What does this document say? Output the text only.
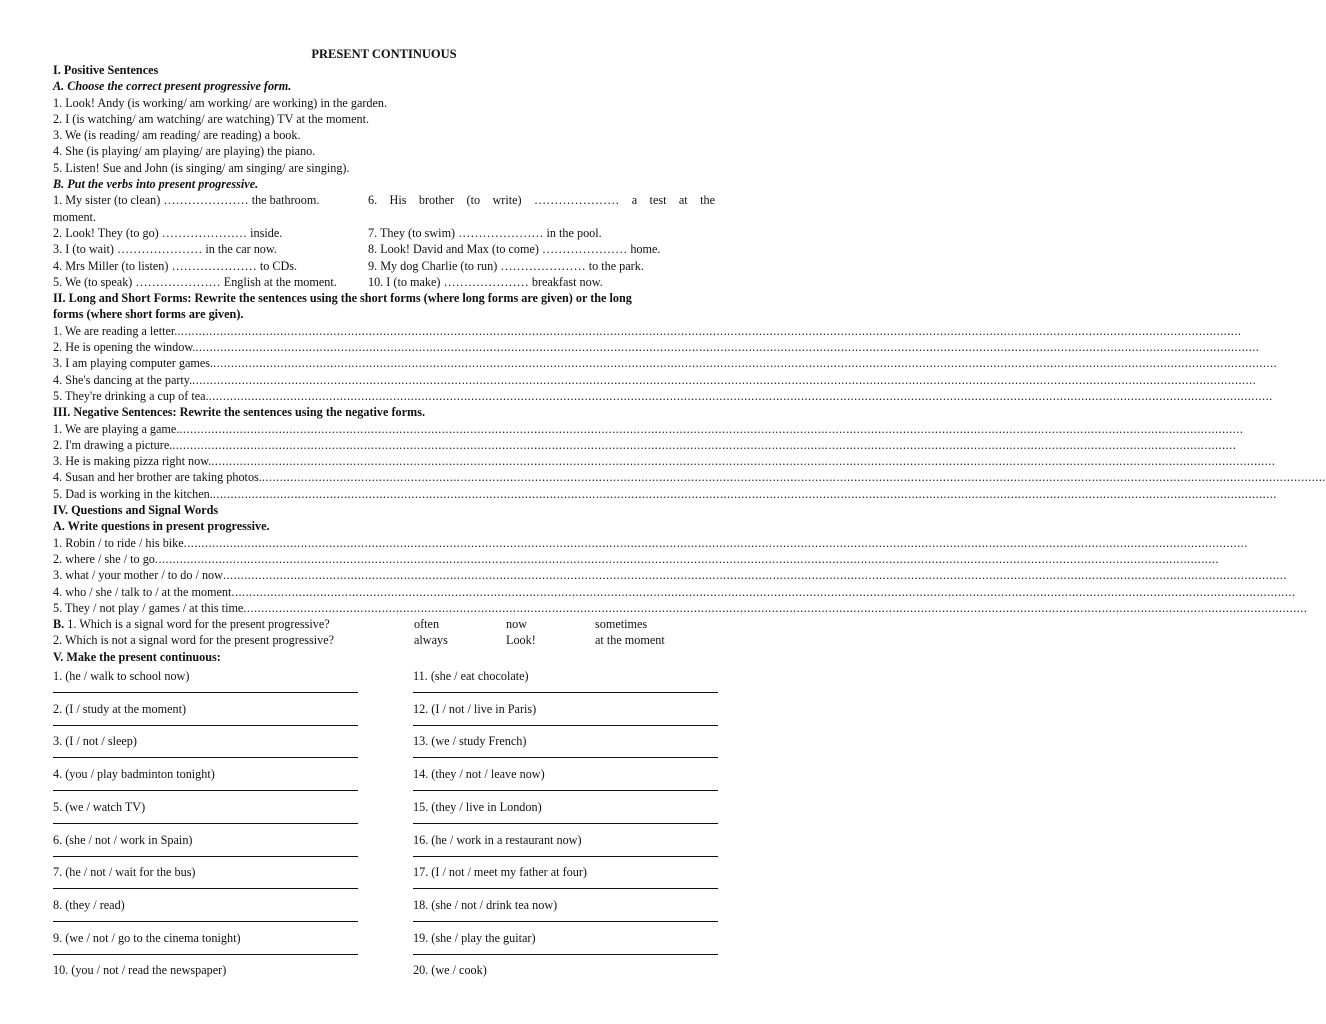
PRESENT CONTINUOUS
I. Positive Sentences
A. Choose the correct present progressive form.
1. Look! Andy (is working/ am working/ are working) in the garden.
2. I (is watching/ am watching/ are watching) TV at the moment.
3. We (is reading/ am reading/ are reading) a book.
4. She (is playing/ am playing/ are playing) the piano.
5. Listen! Sue and John (is singing/ am singing/ are singing).
B. Put the verbs into present progressive.
1. My sister (to clean) ………………… the bathroom.	6. His brother (to write) ………………… a test at the
moment.
2. Look! They (to go) ………………… inside.	7. They (to swim) ………………… in the pool.
3. I (to wait) ………………… in the car now.	8. Look! David and Max (to come) ………………… home.
4. Mrs Miller (to listen) ………………… to CDs.	9. My dog Charlie (to run) ………………… to the park.
5. We (to speak) ………………… English at the moment.	10. I (to make) ………………… breakfast now.
II. Long and Short Forms: Rewrite the sentences using the short forms (where long forms are given) or the long
forms (where short forms are given).
1. We are reading a letter. ............................................................................................................................................................................................................................................................................................................
2. He is opening the window. ............................................................................................................................................................................................................................................................................................................
3. I am playing computer games. ............................................................................................................................................................................................................................................................................................................
4. She's dancing at the party. ............................................................................................................................................................................................................................................................................................................
5. They're drinking a cup of tea. ............................................................................................................................................................................................................................................................................................................
III. Negative Sentences: Rewrite the sentences using the negative forms.
1. We are playing a game. ............................................................................................................................................................................................................................................................................................................
2. I'm drawing a picture. ............................................................................................................................................................................................................................................................................................................
3. He is making pizza right now. ............................................................................................................................................................................................................................................................................................................
4. Susan and her brother are taking photos. ............................................................................................................................................................................................................................................................................................................
5. Dad is working in the kitchen. ............................................................................................................................................................................................................................................................................................................
IV. Questions and Signal Words
A. Write questions in present progressive.
1. Robin / to ride / his bike ............................................................................................................................................................................................................................................................................................................
2. where / she / to go ............................................................................................................................................................................................................................................................................................................
3. what / your mother / to do / now ............................................................................................................................................................................................................................................................................................................
4. who / she / talk to / at the moment ............................................................................................................................................................................................................................................................................................................
5. They / not play / games / at this time ............................................................................................................................................................................................................................................................................................................
B. 1. Which is a signal word for the present progressive?	often	now	sometimes
2. Which is not a signal word for the present progressive?	always	Look!	at the moment
V. Make the present continuous:
1. (he / walk to school now)
2. (I / study at the moment)
3. (I / not / sleep)
4. (you / play badminton tonight)
5. (we / watch TV)
6. (she / not / work in Spain)
7. (he / not / wait for the bus)
8. (they / read)
9. (we / not / go to the cinema tonight)
10. (you / not / read the newspaper)
11. (she / eat chocolate)
12. (I / not / live in Paris)
13. (we / study French)
14. (they / not / leave now)
15. (they / live in London)
16. (he / work in a restaurant now)
17. (I / not / meet my father at four)
18. (she / not / drink tea now)
19. (she / play the guitar)
20. (we / cook)
